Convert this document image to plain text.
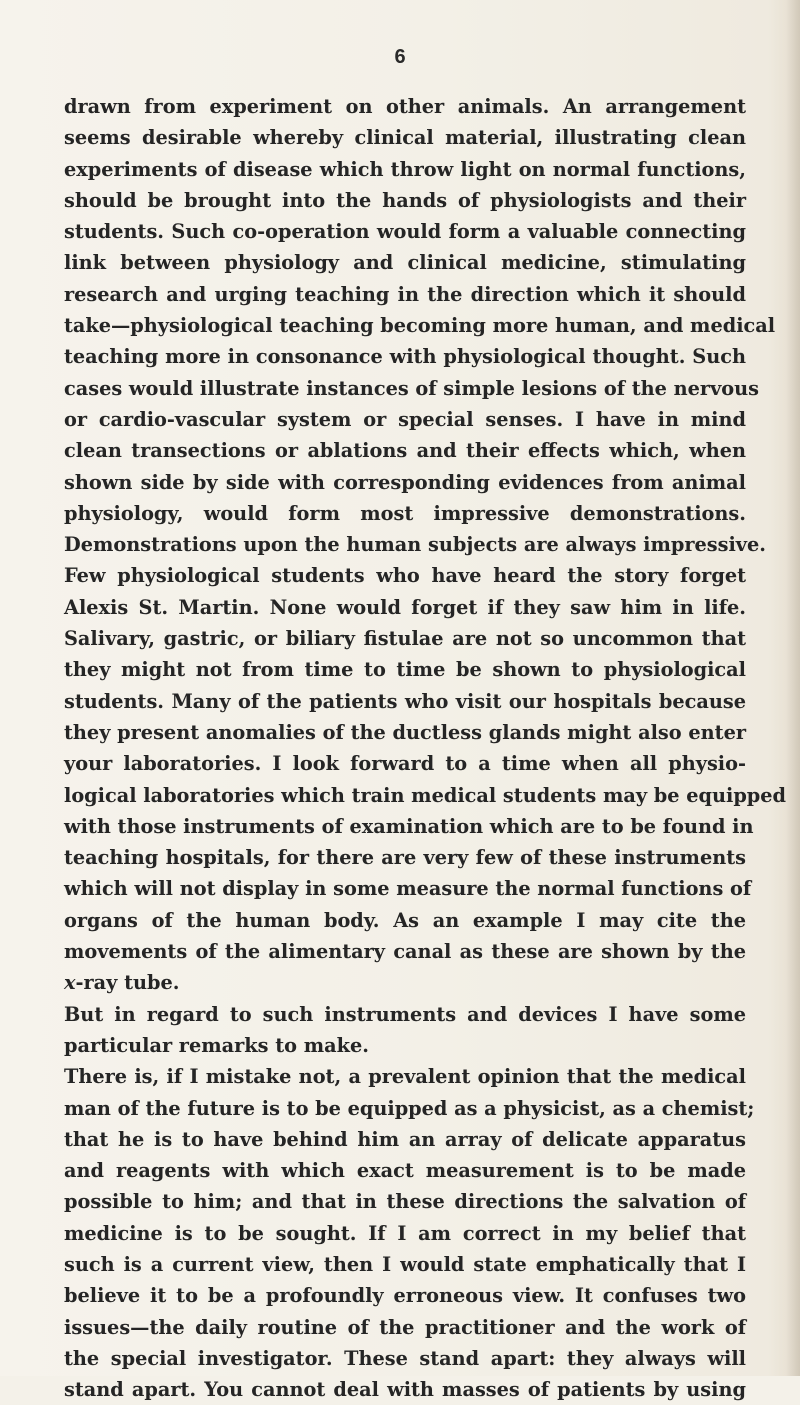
6

drawn from experiment on other animals. An arrangement
seems desirable whereby clinical material, illustrating clean
experiments of disease which throw light on normal functions,
should be brought into the hands of physiologists and their
students. Such co-operation would form a valuable connecting
link between physiology and clinical medicine, stimulating
research and urging teaching in the direction which it should
take—physiological teaching becoming more human, and medical
teaching more in consonance with physiological thought. Such
cases would illustrate instances of simple lesions of the nervous
or cardio-vascular system or special senses. I have in mind
clean transections or ablations and their effects which, when
shown side by side with corresponding evidences from animal
physiology, would form most impressive demonstrations.
Demonstrations upon the human subjects are always impressive.
Few physiological students who have heard the story forget
Alexis St. Martin. None would forget if they saw him in life.
Salivary, gastric, or biliary fistulae are not so uncommon that
they might not from time to time be shown to physiological
students. Many of the patients who visit our hospitals because
they present anomalies of the ductless glands might also enter
your laboratories. I look forward to a time when all physio-
logical laboratories which train medical students may be equipped
with those instruments of examination which are to be found in
teaching hospitals, for there are very few of these instruments
which will not display in some measure the normal functions of
organs of the human body. As an example I may cite the
movements of the alimentary canal as these are shown by the
x-ray tube.
But in regard to such instruments and devices I have some
particular remarks to make.
There is, if I mistake not, a prevalent opinion that the medical
man of the future is to be equipped as a physicist, as a chemist;
that he is to have behind him an array of delicate apparatus
and reagents with which exact measurement is to be made
possible to him; and that in these directions the salvation of
medicine is to be sought. If I am correct in my belief that
such is a current view, then I would state emphatically that I
believe it to be a profoundly erroneous view. It confuses two
issues—the daily routine of the practitioner and the work of
the special investigator. These stand apart: they always will
stand apart. You cannot deal with masses of patients by using
